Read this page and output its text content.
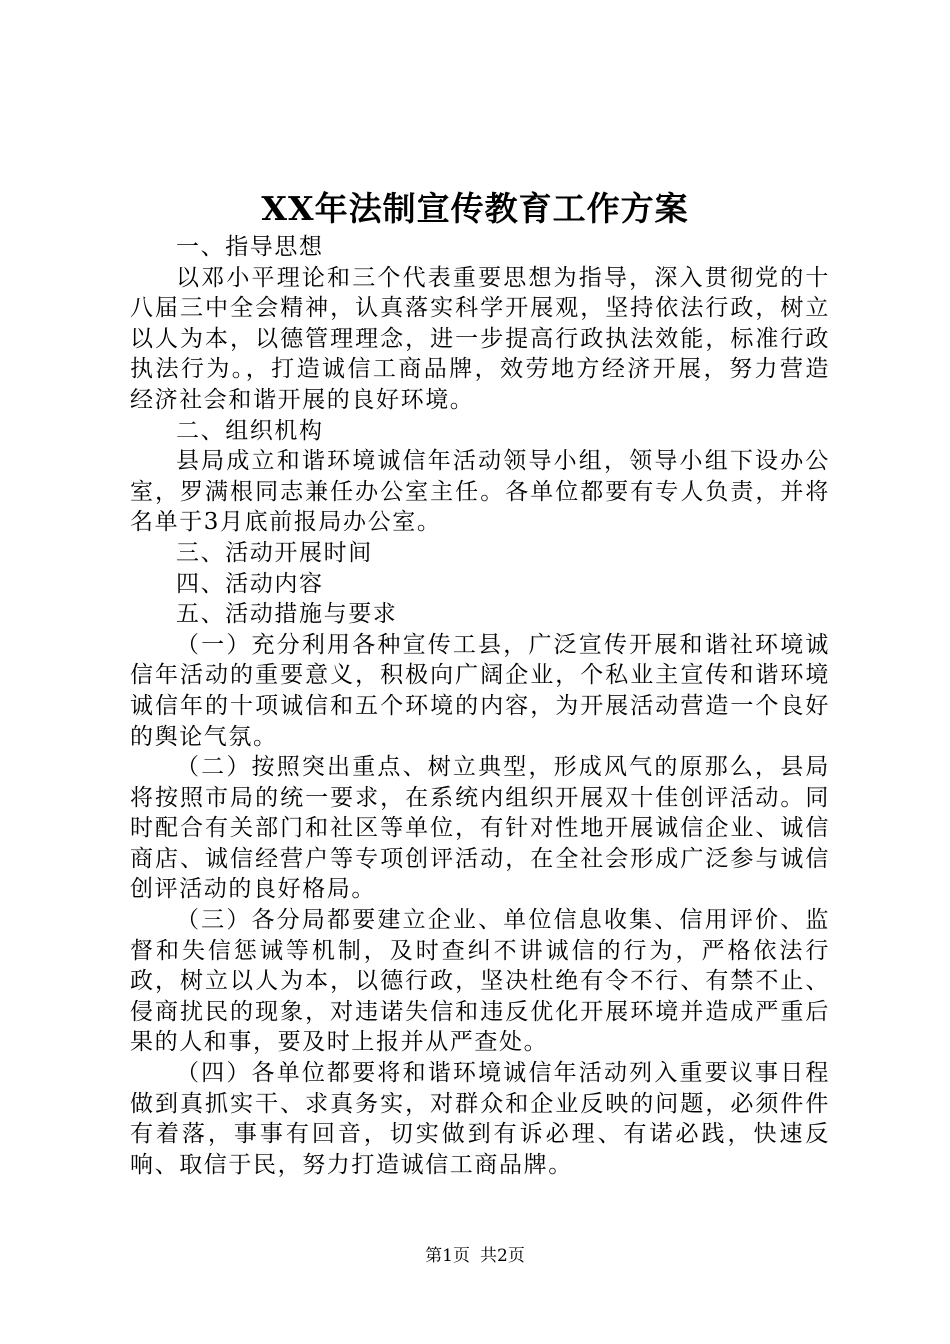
XX年法制宣传教育工作方案

一、指导思想

以邓小平理论和三个代表重要思想为指导，深入贯彻党的十八届三中全会精神，认真落实科学开展观，坚持依法行政，树立以人为本，以德管理理念，进一步提高行政执法效能，标准行政执法行为。，打造诚信工商品牌，效劳地方经济开展，努力营造经济社会和谐开展的良好环境。

二、组织机构

县局成立和谐环境诚信年活动领导小组，领导小组下设办公室，罗满根同志兼任办公室主任。各单位都要有专人负责，并将名单于3月底前报局办公室。

三、活动开展时间

四、活动内容

五、活动措施与要求

（一）充分利用各种宣传工县，广泛宣传开展和谐社环境诚信年活动的重要意义，积极向广阔企业，个私业主宣传和谐环境诚信年的十项诚信和五个环境的内容，为开展活动营造一个良好的舆论气氛。

（二）按照突出重点、树立典型，形成风气的原那么，县局将按照市局的统一要求，在系统内组织开展双十佳创评活动。同时配合有关部门和社区等单位，有针对性地开展诚信企业、诚信商店、诚信经营户等专项创评活动，在全社会形成广泛参与诚信创评活动的良好格局。

（三）各分局都要建立企业、单位信息收集、信用评价、监督和失信惩诫等机制，及时查纠不讲诚信的行为，严格依法行政，树立以人为本，以德行政，坚决杜绝有令不行、有禁不止、侵商扰民的现象，对违诺失信和违反优化开展环境并造成严重后果的人和事，要及时上报并从严查处。

（四）各单位都要将和谐环境诚信年活动列入重要议事日程做到真抓实干、求真务实，对群众和企业反映的问题，必须件件有着落，事事有回音，切实做到有诉必理、有诺必践，快速反响、取信于民，努力打造诚信工商品牌。

第1页 共2页
